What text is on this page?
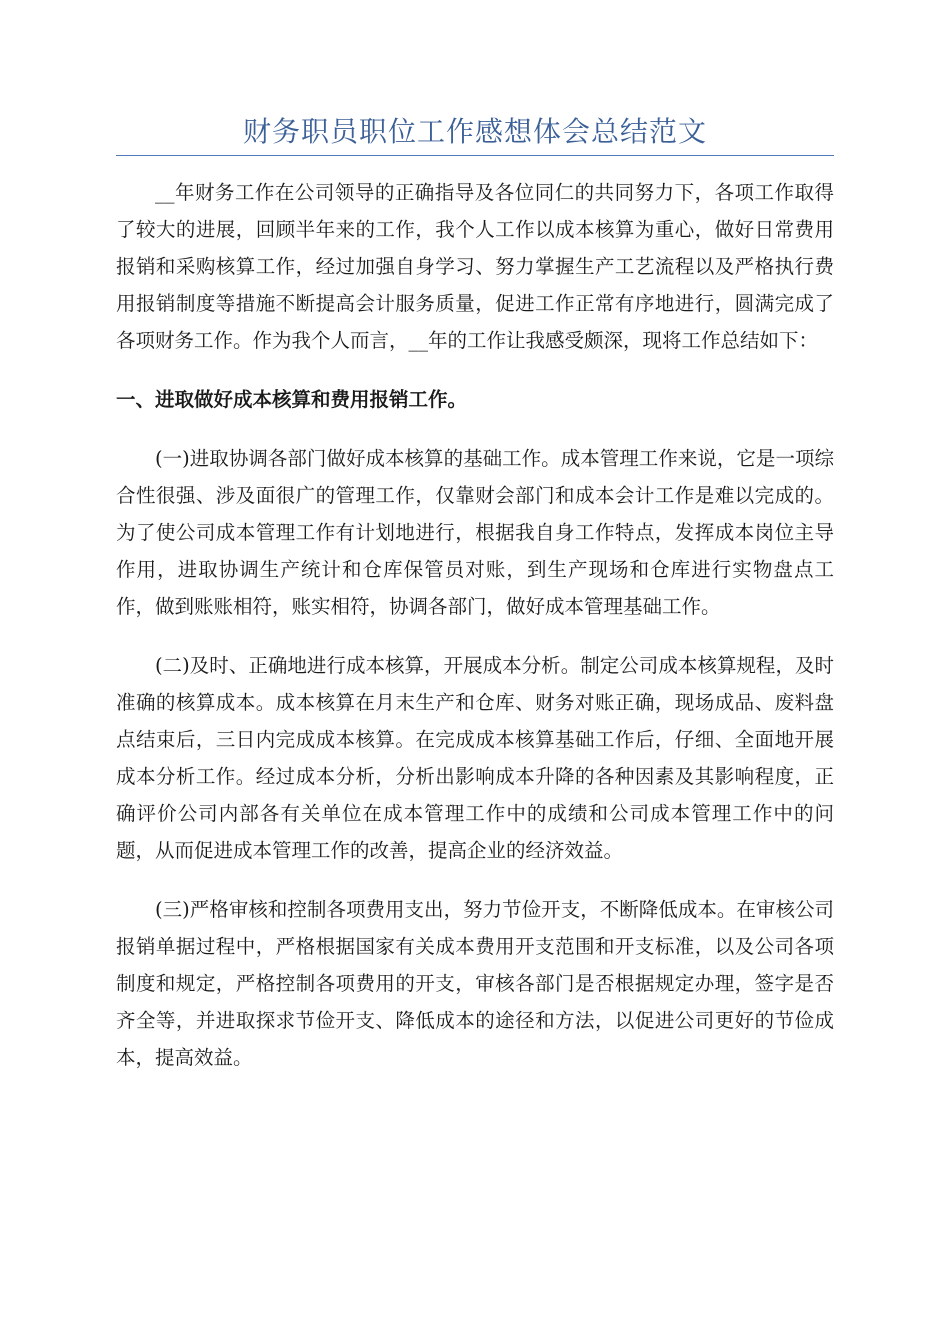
财务职员职位工作感想体会总结范文

__年财务工作在公司领导的正确指导及各位同仁的共同努力下，各项工作取得了较大的进展，回顾半年来的工作，我个人工作以成本核算为重心，做好日常费用报销和采购核算工作，经过加强自身学习、努力掌握生产工艺流程以及严格执行费用报销制度等措施不断提高会计服务质量，促进工作正常有序地进行，圆满完成了各项财务工作。作为我个人而言，__年的工作让我感受颇深，现将工作总结如下：

一、进取做好成本核算和费用报销工作。

(一)进取协调各部门做好成本核算的基础工作。成本管理工作来说，它是一项综合性很强、涉及面很广的管理工作，仅靠财会部门和成本会计工作是难以完成的。为了使公司成本管理工作有计划地进行，根据我自身工作特点，发挥成本岗位主导作用，进取协调生产统计和仓库保管员对账，到生产现场和仓库进行实物盘点工作，做到账账相符，账实相符，协调各部门，做好成本管理基础工作。

(二)及时、正确地进行成本核算，开展成本分析。制定公司成本核算规程，及时准确的核算成本。成本核算在月末生产和仓库、财务对账正确，现场成品、废料盘点结束后，三日内完成成本核算。在完成成本核算基础工作后，仔细、全面地开展成本分析工作。经过成本分析，分析出影响成本升降的各种因素及其影响程度，正确评价公司内部各有关单位在成本管理工作中的成绩和公司成本管理工作中的问题，从而促进成本管理工作的改善，提高企业的经济效益。

(三)严格审核和控制各项费用支出，努力节俭开支，不断降低成本。在审核公司报销单据过程中，严格根据国家有关成本费用开支范围和开支标准，以及公司各项制度和规定，严格控制各项费用的开支，审核各部门是否根据规定办理，签字是否齐全等，并进取探求节俭开支、降低成本的途径和方法，以促进公司更好的节俭成本，提高效益。
